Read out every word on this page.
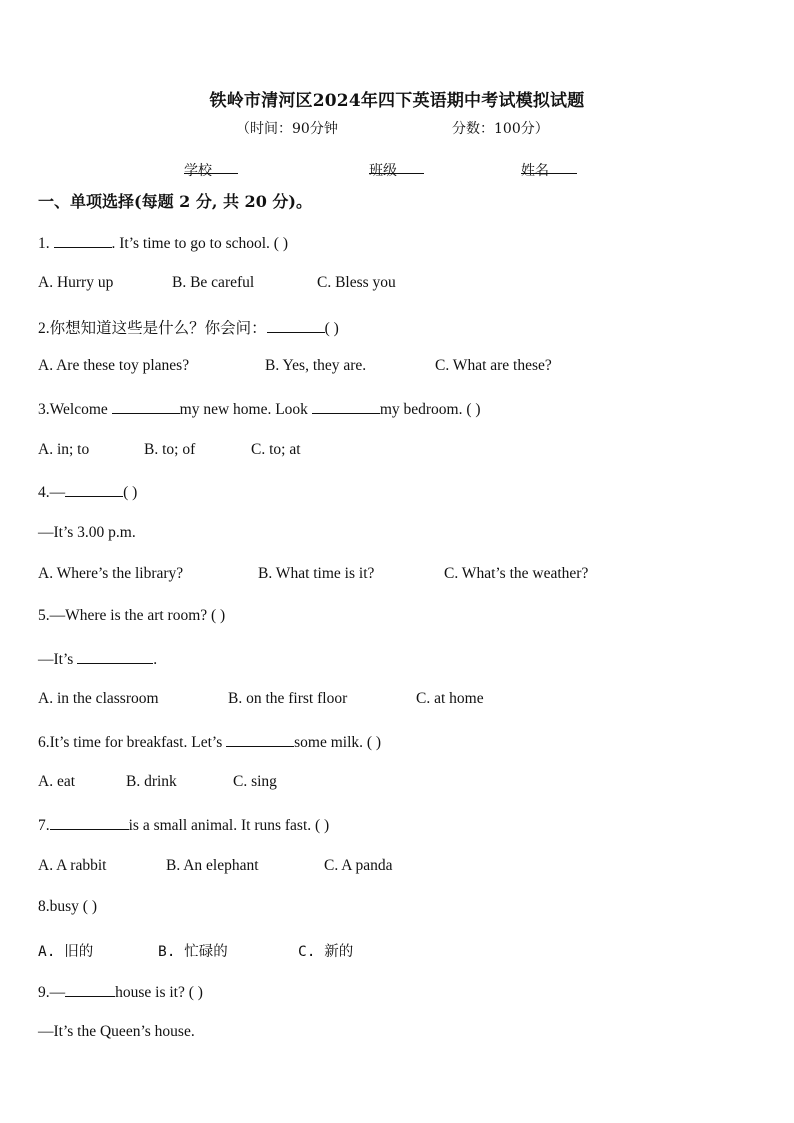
铁岭市清河区2024年四下英语期中考试模拟试题
（时间：90分钟	分数：100分）
学校	班级	姓名
一、单项选择(每题 2 分, 共 20 分)。
1.	. It’s time to go to school. ( )
A. Hurry up	B. Be careful	C. Bless you
2.你想知道这些是什么？你会问：	( )
A. Are these toy planes?	B. Yes, they are.	C. What are these?
3.Welcome	my new home. Look	my bedroom. ( )
A. in; to	B. to; of	C. to; at
4.—	( )
—It’s 3.00 p.m.
A. Where’s the library?	B. What time is it?	C. What’s the weather?
5.—Where is the art room? ( )
—It’s	.
A. in the classroom	B. on the first floor	C. at home
6.It’s time for breakfast. Let’s	some milk. ( )
A. eat	B. drink	C. sing
7.	is a small animal. It runs fast. ( )
A. A rabbit	B. An elephant	C. A panda
8.busy ( )
A. 旧的	B. 忙碌的	C. 新的
9.—	house is it? ( )
—It’s the Queen’s house.
